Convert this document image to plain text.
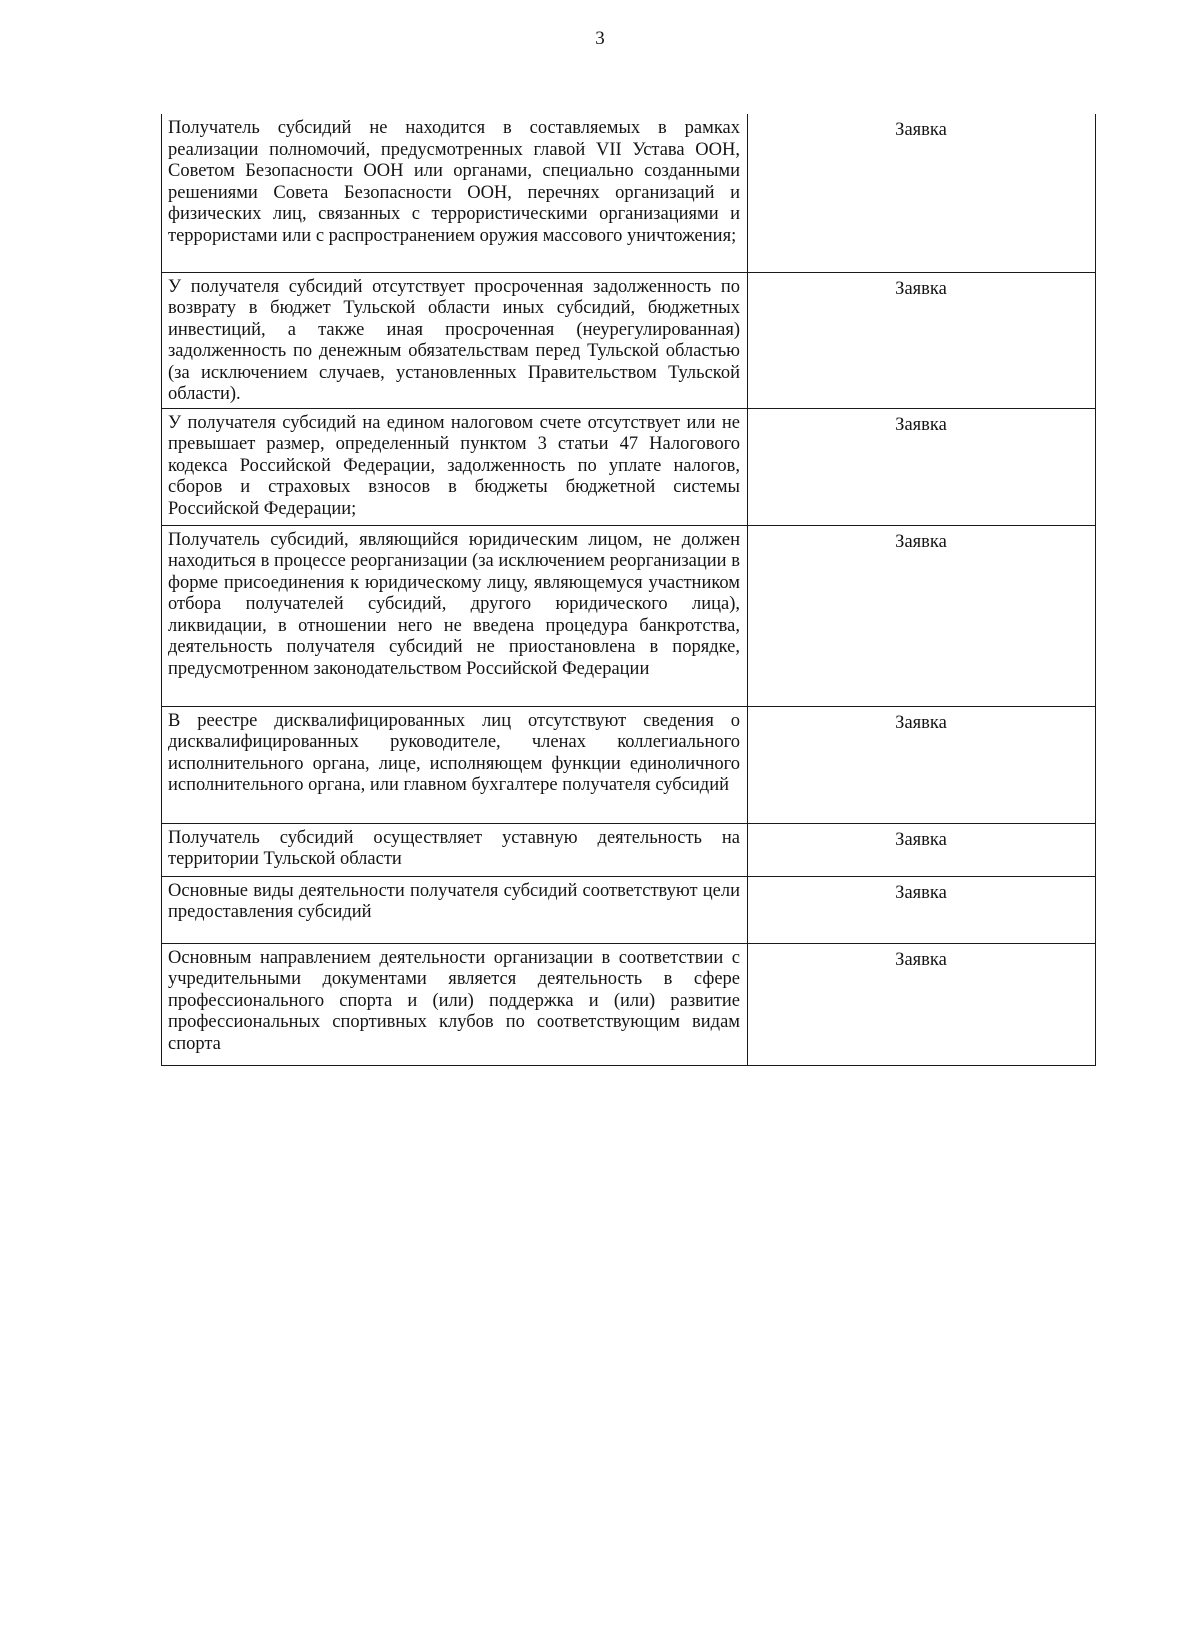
3
Получатель субсидий не находится в составляемых в рамках реализации полномочий, предусмотренных главой VII Устава ООН, Советом Безопасности ООН или органами, специально созданными решениями Совета Безопасности ООН, перечнях организаций и физических лиц, связанных с террористическими организациями и террористами или с распространением оружия массового уничтожения;	Заявка
У получателя субсидий отсутствует просроченная задолженность по возврату в бюджет Тульской области иных субсидий, бюджетных инвестиций, а также иная просроченная (неурегулированная) задолженность по денежным обязательствам перед Тульской областью (за исключением случаев, установленных Правительством Тульской области).	Заявка
У получателя субсидий на едином налоговом счете отсутствует или не превышает размер, определенный пунктом 3 статьи 47 Налогового кодекса Российской Федерации, задолженность по уплате налогов, сборов и страховых взносов в бюджеты бюджетной системы Российской Федерации;	Заявка
Получатель субсидий, являющийся юридическим лицом, не должен находиться в процессе реорганизации (за исключением реорганизации в форме присоединения к юридическому лицу, являющемуся участником отбора получателей субсидий, другого юридического лица), ликвидации, в отношении него не введена процедура банкротства, деятельность получателя субсидий не приостановлена в порядке, предусмотренном законодательством Российской Федерации	Заявка
В реестре дисквалифицированных лиц отсутствуют сведения о дисквалифицированных руководителе, членах коллегиального исполнительного органа, лице, исполняющем функции единоличного исполнительного органа, или главном бухгалтере получателя субсидий	Заявка
Получатель субсидий осуществляет уставную деятельность на территории Тульской области	Заявка
Основные виды деятельности получателя субсидий соответствуют цели предоставления субсидий	Заявка
Основным направлением деятельности организации в соответствии с учредительными документами является деятельность в сфере профессионального спорта и (или) поддержка и (или) развитие профессиональных спортивных клубов по соответствующим видам спорта	Заявка
